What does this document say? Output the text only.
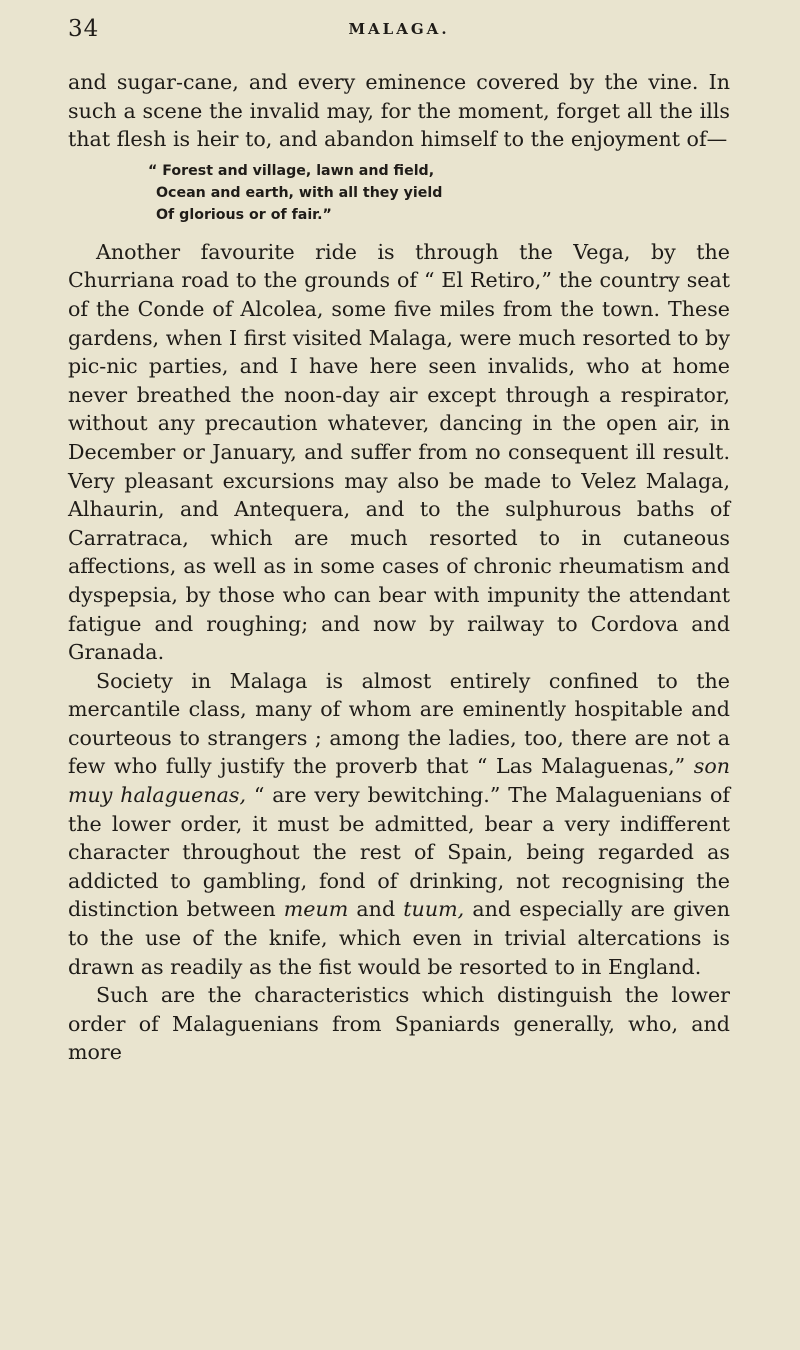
34	MALAGA.

and sugar-cane, and every eminence covered by the vine. In such a scene the invalid may, for the moment, forget all the ills that flesh is heir to, and abandon himself to the enjoyment of—

“ Forest and village, lawn and field,
Ocean and earth, with all they yield
Of glorious or of fair.”

Another favourite ride is through the Vega, by the Churriana road to the grounds of “ El Retiro,” the country seat of the Conde of Alcolea, some five miles from the town. These gardens, when I first visited Malaga, were much resorted to by pic-nic parties, and I have here seen invalids, who at home never breathed the noon-day air except through a respirator, without any precaution whatever, dancing in the open air, in December or January, and suffer from no consequent ill result. Very pleasant excursions may also be made to Velez Malaga, Alhaurin, and Antequera, and to the sulphurous baths of Carratraca, which are much resorted to in cutaneous affections, as well as in some cases of chronic rheumatism and dyspepsia, by those who can bear with impunity the attendant fatigue and roughing; and now by railway to Cordova and Granada.

Society in Malaga is almost entirely confined to the mercantile class, many of whom are eminently hospitable and courteous to strangers ; among the ladies, too, there are not a few who fully justify the proverb that “ Las Malaguenas,” son muy halaguenas, “ are very bewitching.” The Malaguenians of the lower order, it must be admitted, bear a very indifferent character throughout the rest of Spain, being regarded as addicted to gambling, fond of drinking, not recognising the distinction between meum and tuum, and especially are given to the use of the knife, which even in trivial altercations is drawn as readily as the fist would be resorted to in England.

Such are the characteristics which distinguish the lower order of Malaguenians from Spaniards generally, who, and more
